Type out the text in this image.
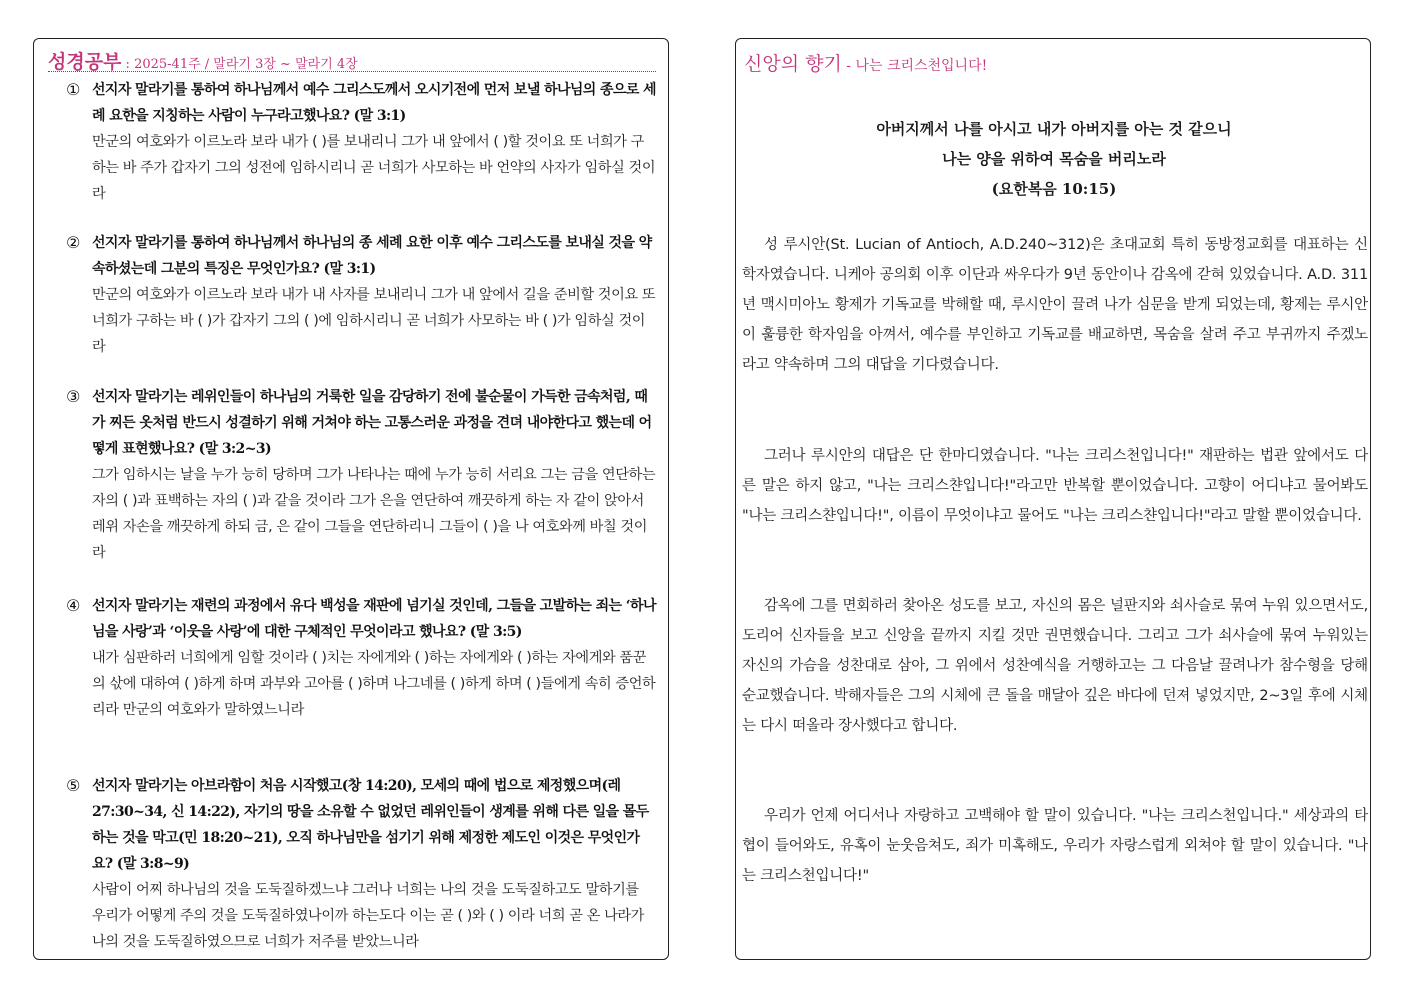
성경공부 : 2025-41주 / 말라기 3장 ~ 말라기 4장
① 선지자 말라기를 통하여 하나님께서 예수 그리스도께서 오시기전에 먼저 보낼 하나님의 종으로 세례 요한을 지칭하는 사람이 누구라고했나요? (말 3:1)
만군의 여호와가 이르노라 보라 내가 ( )를 보내리니 그가 내 앞에서 ( )할 것이요 또 너희가 구하는 바 주가 갑자기 그의 성전에 임하시리니 곧 너희가 사모하는 바 언약의 사자가 임하실 것이라
② 선지자 말라기를 통하여 하나님께서 하나님의 종 세례 요한 이후 예수 그리스도를 보내실 것을 약속하셨는데 그분의 특징은 무엇인가요? (말 3:1)
만군의 여호와가 이르노라 보라 내가 내 사자를 보내리니 그가 내 앞에서 길을 준비할 것이요 또 너희가 구하는 바 ( )가 갑자기 그의 ( )에 임하시리니 곧 너희가 사모하는 바 ( )가 임하실 것이라
③ 선지자 말라기는 레위인들이 하나님의 거룩한 일을 감당하기 전에 불순물이 가득한 금속처럼, 때가 찌든 옷처럼 반드시 성결하기 위해 거쳐야 하는 고통스러운 과정을 견뎌 내야한다고 했는데 어떻게 표현했나요? (말 3:2~3)
그가 임하시는 날을 누가 능히 당하며 그가 나타나는 때에 누가 능히 서리요 그는 금을 연단하는 자의 ( )과 표백하는 자의 ( )과 같을 것이라 그가 은을 연단하여 깨끗하게 하는 자 같이 앉아서 레위 자손을 깨끗하게 하되 금, 은 같이 그들을 연단하리니 그들이 ( )을 나 여호와께 바칠 것이라
④ 선지자 말라기는 재련의 과정에서 유다 백성을 재판에 넘기실 것인데, 그들을 고발하는 죄는 ‘하나님을 사랑’과 ‘이웃을 사랑’에 대한 구체적인 무엇이라고 했나요? (말 3:5)
내가 심판하러 너희에게 임할 것이라 ( )치는 자에게와 ( )하는 자에게와 ( )하는 자에게와 품꾼의 삯에 대하여 ( )하게 하며 과부와 고아를 ( )하며 나그네를 ( )하게 하며 ( )들에게 속히 증언하리라 만군의 여호와가 말하였느니라
⑤ 선지자 말라기는 아브라함이 처음 시작했고(창 14:20), 모세의 때에 법으로 제정했으며(레27:30~34, 신 14:22), 자기의 땅을 소유할 수 없었던 레위인들이 생계를 위해 다른 일을 몰두하는 것을 막고(민 18:20~21), 오직 하나님만을 섬기기 위해 제정한 제도인 이것은 무엇인가요? (말 3:8~9)
사람이 어찌 하나님의 것을 도둑질하겠느냐 그러나 너희는 나의 것을 도둑질하고도 말하기를 우리가 어떻게 주의 것을 도둑질하였나이까 하는도다 이는 곧 ( )와 ( ) 이라 너희 곧 온 나라가 나의 것을 도둑질하였으므로 너희가 저주를 받았느니라
신앙의 향기 - 나는 크리스천입니다!
아버지께서 나를 아시고 내가 아버지를 아는 것 같으니
나는 양을 위하여 목숨을 버리노라
(요한복음 10:15)
성 루시안(St. Lucian of Antioch, A.D.240~312)은 초대교회 특히 동방정교회를 대표하는 신학자였습니다. 니케아 공의회 이후 이단과 싸우다가 9년 동안이나 감옥에 갇혀 있었습니다. A.D. 311년 맥시미아노 황제가 기독교를 박해할 때, 루시안이 끌려 나가 심문을 받게 되었는데, 황제는 루시안이 훌륭한 학자임을 아껴서, 예수를 부인하고 기독교를 배교하면, 목숨을 살려 주고 부귀까지 주겠노라고 약속하며 그의 대답을 기다렸습니다.
그러나 루시안의 대답은 단 한마디였습니다. "나는 크리스천입니다!" 재판하는 법관 앞에서도 다른 말은 하지 않고, "나는 크리스챤입니다!"라고만 반복할 뿐이었습니다. 고향이 어디냐고 물어봐도 "나는 크리스챤입니다!", 이름이 무엇이냐고 물어도 "나는 크리스챤입니다!"라고 말할 뿐이었습니다.
감옥에 그를 면회하러 찾아온 성도를 보고, 자신의 몸은 널판지와 쇠사슬로 묶여 누워 있으면서도, 도리어 신자들을 보고 신앙을 끝까지 지킬 것만 권면했습니다. 그리고 그가 쇠사슬에 묶여 누워있는 자신의 가슴을 성찬대로 삼아, 그 위에서 성찬예식을 거행하고는 그 다음날 끌려나가 참수형을 당해 순교했습니다. 박해자들은 그의 시체에 큰 돌을 매달아 깊은 바다에 던져 넣었지만, 2~3일 후에 시체는 다시 떠올라 장사했다고 합니다.
우리가 언제 어디서나 자랑하고 고백해야 할 말이 있습니다. "나는 크리스천입니다." 세상과의 타협이 들어와도, 유혹이 눈웃음쳐도, 죄가 미혹해도, 우리가 자랑스럽게 외쳐야 할 말이 있습니다. "나는 크리스천입니다!"
